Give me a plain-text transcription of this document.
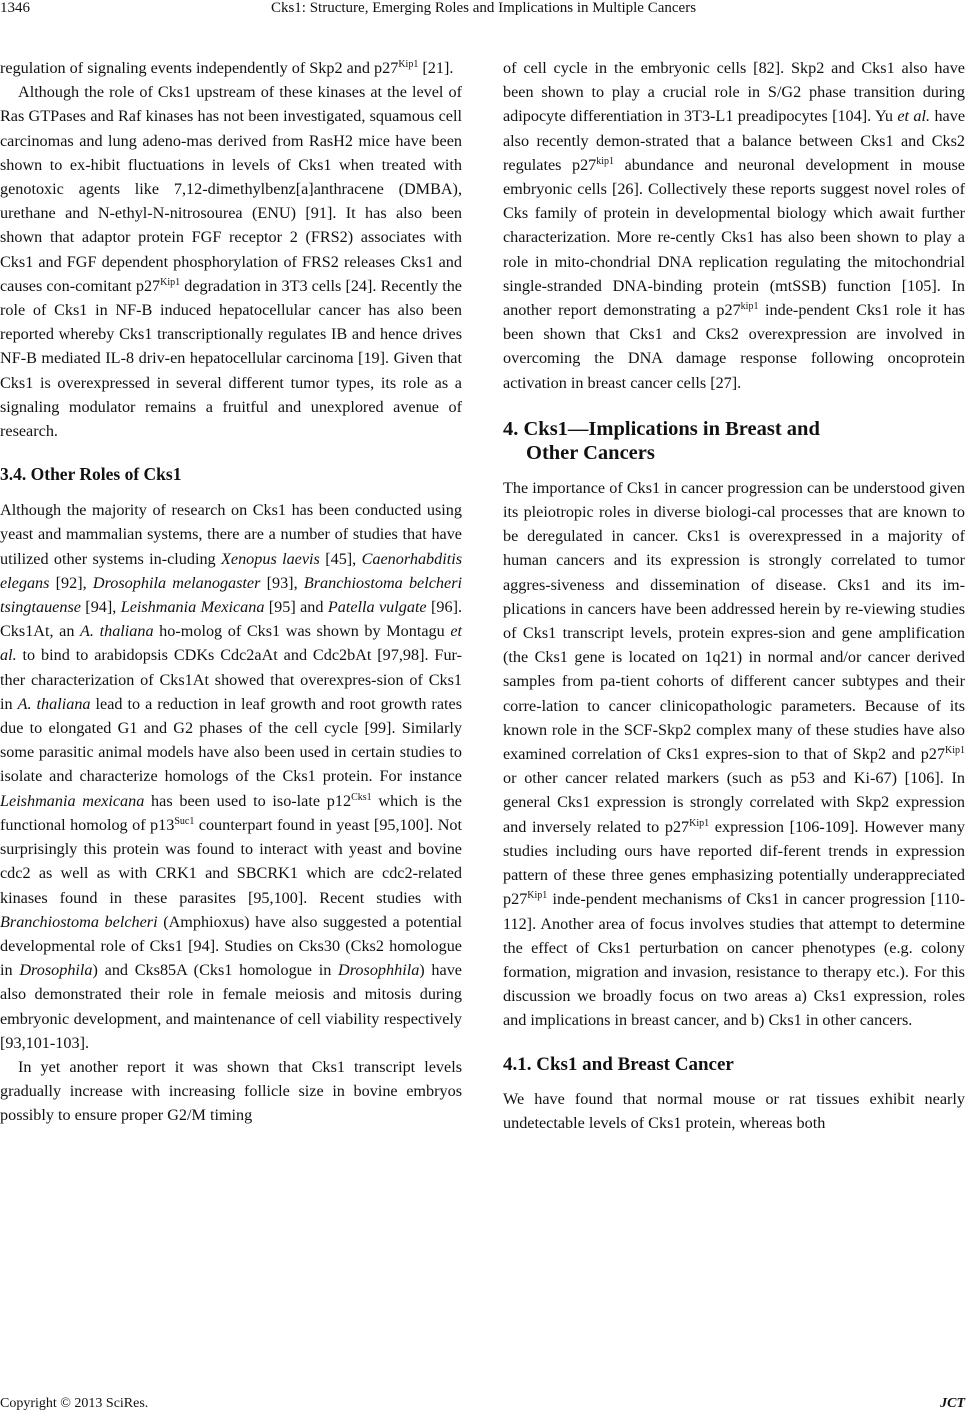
1346	Cks1: Structure, Emerging Roles and Implications in Multiple Cancers

regulation of signaling events independently of Skp2 and $p27^{Kip1}$ [21].

Although the role of Cks1 upstream of these kinases at the level of Ras GTPases and Raf kinases has not been investigated, squamous cell carcinomas and lung adeno-mas derived from RasH2 mice have been shown to ex-hibit fluctuations in levels of Cks1 when treated with genotoxic agents like 7,12-dimethylbenz[a]anthracene (DMBA), urethane and N-ethyl-N-nitrosourea (ENU) [91]. It has also been shown that adaptor protein FGF receptor 2 (FRS2) associates with Cks1 and FGF dependent phosphorylation of FRS2 releases Cks1 and causes con-comitant $p27^{Kip1}$ degradation in 3T3 cells [24]. Recently the role of Cks1 in NF-B induced hepatocellular cancer has also been reported whereby Cks1 transcriptionally regulates IB and hence drives NF-B mediated IL-8 driv-en hepatocellular carcinoma [19]. Given that Cks1 is overexpressed in several different tumor types, its role as a signaling modulator remains a fruitful and unexplored avenue of research.

3.4. Other Roles of Cks1

Although the majority of research on Cks1 has been conducted using yeast and mammalian systems, there are a number of studies that have utilized other systems in-cluding Xenopus laevis [45], Caenorhabditis elegans [92], Drosophila melanogaster [93], Branchiostoma belcheri tsingtauense [94], Leishmania Mexicana [95] and Patella vulgate [96]. Cks1At, an A. thaliana ho-molog of Cks1 was shown by Montagu et al. to bind to arabidopsis CDKs Cdc2aAt and Cdc2bAt [97,98]. Fur-ther characterization of Cks1At showed that overexpres-sion of Cks1 in A. thaliana lead to a reduction in leaf growth and root growth rates due to elongated G1 and G2 phases of the cell cycle [99]. Similarly some parasitic animal models have also been used in certain studies to isolate and characterize homologs of the Cks1 protein. For instance Leishmania mexicana has been used to iso-late $p12^{Cks1}$ which is the functional homolog of $p13^{Suc1}$ counterpart found in yeast [95,100]. Not surprisingly this protein was found to interact with yeast and bovine cdc2 as well as with CRK1 and SBCRK1 which are cdc2-related kinases found in these parasites [95,100]. Recent studies with Branchiostoma belcheri (Amphioxus) have also suggested a potential developmental role of Cks1 [94]. Studies on Cks30 (Cks2 homologue in Drosophila) and Cks85A (Cks1 homologue in Drosophhila) have also demonstrated their role in female meiosis and mitosis during embryonic development, and maintenance of cell viability respectively [93,101-103].

In yet another report it was shown that Cks1 transcript levels gradually increase with increasing follicle size in bovine embryos possibly to ensure proper G2/M timing

of cell cycle in the embryonic cells [82]. Skp2 and Cks1 also have been shown to play a crucial role in S/G2 phase transition during adipocyte differentiation in 3T3-L1 preadipocytes [104]. Yu et al. have also recently demon-strated that a balance between Cks1 and Cks2 regulates $p27^{kip1}$ abundance and neuronal development in mouse embryonic cells [26]. Collectively these reports suggest novel roles of Cks family of protein in developmental biology which await further characterization. More re-cently Cks1 has also been shown to play a role in mito-chondrial DNA replication regulating the mitochondrial single-stranded DNA-binding protein (mtSSB) function [105]. In another report demonstrating a $p27^{kip1}$ inde-pendent Cks1 role it has been shown that Cks1 and Cks2 overexpression are involved in overcoming the DNA damage response following oncoprotein activation in breast cancer cells [27].

4. Cks1—Implications in Breast and
Other Cancers

The importance of Cks1 in cancer progression can be understood given its pleiotropic roles in diverse biologi-cal processes that are known to be deregulated in cancer. Cks1 is overexpressed in a majority of human cancers and its expression is strongly correlated to tumor aggres-siveness and dissemination of disease. Cks1 and its im-plications in cancers have been addressed herein by re-viewing studies of Cks1 transcript levels, protein expres-sion and gene amplification (the Cks1 gene is located on 1q21) in normal and/or cancer derived samples from pa-tient cohorts of different cancer subtypes and their corre-lation to cancer clinicopathologic parameters. Because of its known role in the SCF-Skp2 complex many of these studies have also examined correlation of Cks1 expres-sion to that of Skp2 and $p27^{Kip1}$ or other cancer related markers (such as p53 and Ki-67) [106]. In general Cks1 expression is strongly correlated with Skp2 expression and inversely related to $p27^{Kip1}$ expression [106-109]. However many studies including ours have reported dif-ferent trends in expression pattern of these three genes emphasizing potentially underappreciated $p27^{Kip1}$ inde-pendent mechanisms of Cks1 in cancer progression [110-112]. Another area of focus involves studies that attempt to determine the effect of Cks1 perturbation on cancer phenotypes (e.g. colony formation, migration and invasion, resistance to therapy etc.). For this discussion we broadly focus on two areas a) Cks1 expression, roles and implications in breast cancer, and b) Cks1 in other cancers.

4.1. Cks1 and Breast Cancer

We have found that normal mouse or rat tissues exhibit nearly undetectable levels of Cks1 protein, whereas both

Copyright © 2013 SciRes.	JCT
